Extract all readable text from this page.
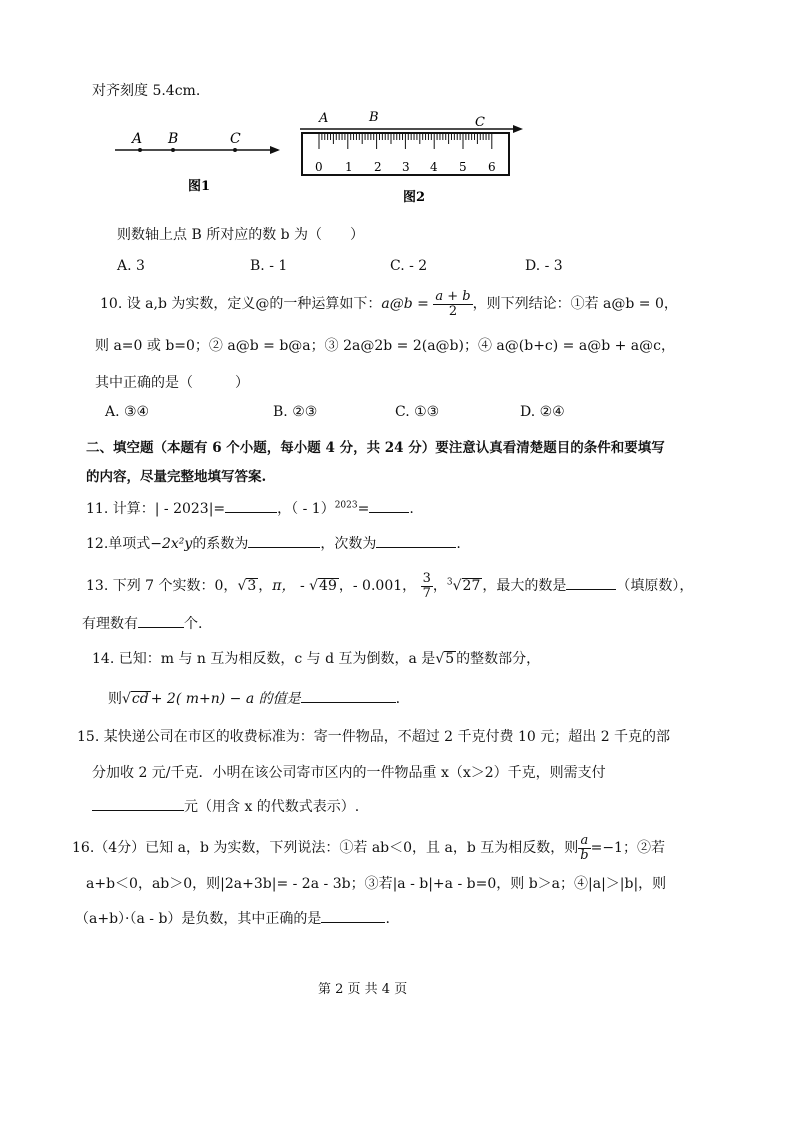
对齐刻度 5.4cm.
A B	C
图1
A	B	C
0 1 2 3 4 5 6
图2
则数轴上点 B 所对应的数 b 为（　　）
A. 3	B. - 1	C. - 2	D. - 3
10. 设 a,b 为实数，定义@的一种运算如下：a@b = $\frac{a + b}{2}$ ，则下列结论：①若 a@b = 0，
则 a=0 或 b=0；② a@b = b@a；③ 2a@2b = 2(a@b)；④ a@(b+c) = a@b + a@c，
其中正确的是（　　　）
A. ③④	B. ②③	C. ①③	D. ②④
二、填空题（本题有 6 个小题，每小题 4 分，共 24 分）要注意认真看清楚题目的条件和要填写
的内容，尽量完整地填写答案.
11. 计算：| - 2023|=	，（ - 1）$^{2023}$=	.
12.单项式−2x²y的系数为	，次数为	.
13. 下列 7 个实数：0，√3 ，π， - √49 ，- 0.001， $\frac{3}{7}$ ，$^3$√27 ，最大的数是	（填原数），
有理数有	个.
14. 已知：m 与 n 互为相反数，c 与 d 互为倒数，a 是√5 的整数部分，
则√cd + 2( m+n) − a 的值是	.
15. 某快递公司在市区的收费标准为：寄一件物品，不超过 2 千克付费 10 元；超出 2 千克的部
分加收 2 元/千克．小明在该公司寄市区内的一件物品重 x（x＞2）千克，则需支付
元（用含 x 的代数式表示）.
16.（4分）已知 a，b 为实数，下列说法：①若 ab＜0，且 a，b 互为相反数，则 $\frac{a}{b} =-1$；②若
a+b＜0，ab＞0，则|2a+3b|= - 2a - 3b；③若|a - b|+a - b=0，则 b＞a；④|a|＞|b|，则
（a+b）·（a - b）是负数，其中正确的是	.
第 2 页 共 4 页
